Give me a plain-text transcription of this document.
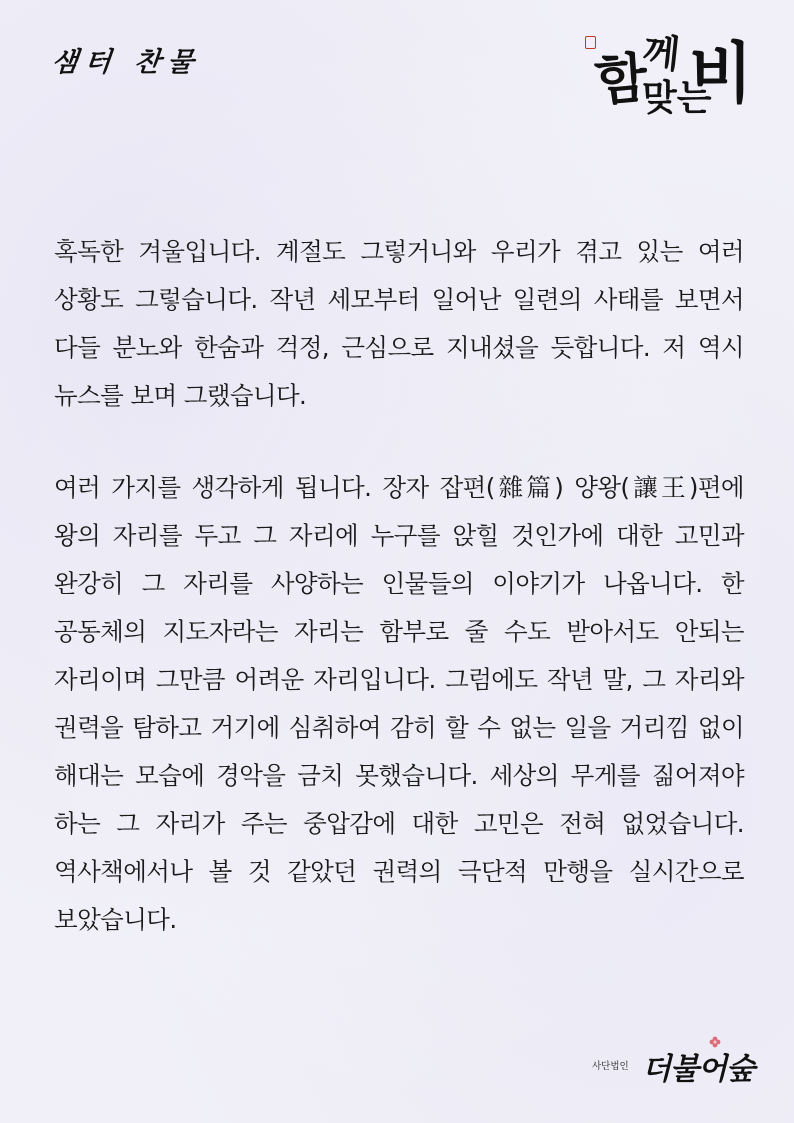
샘터 찬물	함
께
맞는
비

혹독한 겨울입니다. 계절도 그렇거니와 우리가 겪고 있는 여러 상황도 그렇습니다. 작년 세모부터 일어난 일련의 사태를 보면서 다들 분노와 한숨과 걱정, 근심으로 지내셨을 듯합니다. 저 역시 뉴스를 보며 그랬습니다.

여러 가지를 생각하게 됩니다. 장자 잡편(雜篇) 양왕(讓王)편에 왕의 자리를 두고 그 자리에 누구를 앉힐 것인가에 대한 고민과 완강히 그 자리를 사양하는 인물들의 이야기가 나옵니다. 한 공동체의 지도자라는 자리는 함부로 줄 수도 받아서도 안되는 자리이며 그만큼 어려운 자리입니다. 그럼에도 작년 말, 그 자리와 권력을 탐하고 거기에 심취하여 감히 할 수 없는 일을 거리낌 없이 해대는 모습에 경악을 금치 못했습니다. 세상의 무게를 짊어져야 하는 그 자리가 주는 중압감에 대한 고민은 전혀 없었습니다. 역사책에서나 볼 것 같았던 권력의 극단적 만행을 실시간으로 보았습니다.

사단법인 더불어숲
